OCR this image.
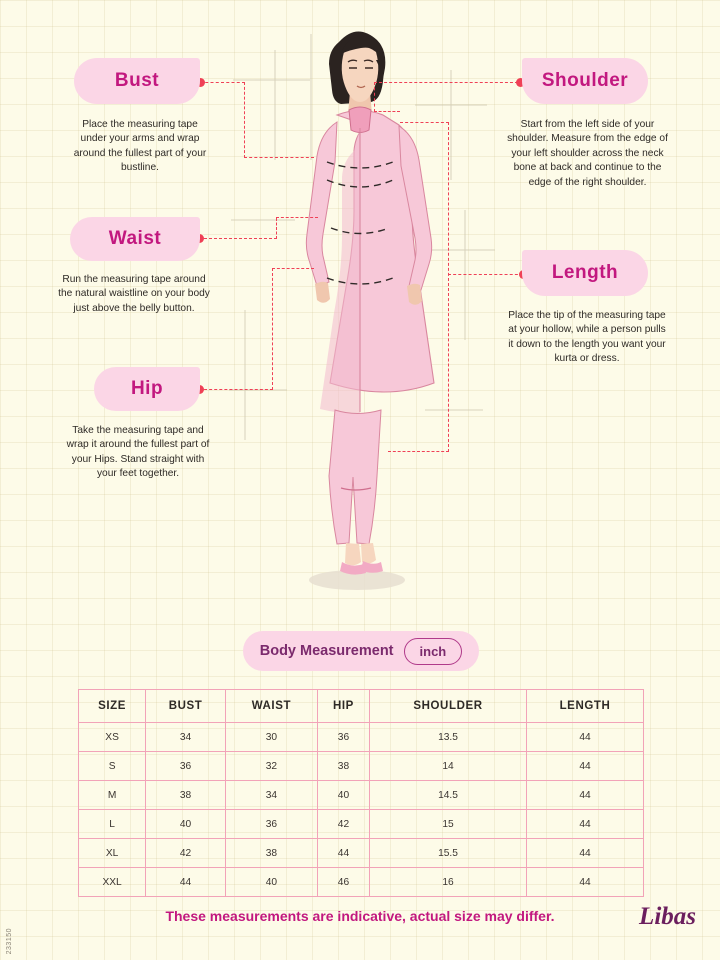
Bust
Place the measuring tape under your arms and wrap around the fullest part of your bustline.
Waist
Run the measuring tape around the natural waistline on your body just above the belly button.
Hip
Take the measuring tape and wrap it around the fullest part of your Hips. Stand straight with your feet together.
Shoulder
Start from the left side of your shoulder. Measure from the edge of your left shoulder across the neck bone at back and continue to the edge of the right shoulder.
Length
Place the tip of the measuring tape at your hollow, while a person pulls it down to the length you want your kurta or dress.
Body Measurement	inch
SIZE	BUST	WAIST	HIP	SHOULDER	LENGTH
XS	34	30	36	13.5	44
S	36	32	38	14	44
M	38	34	40	14.5	44
L	40	36	42	15	44
XL	42	38	44	15.5	44
XXL	44	40	46	16	44
These measurements are indicative, actual size may differ.	Libas
233150
